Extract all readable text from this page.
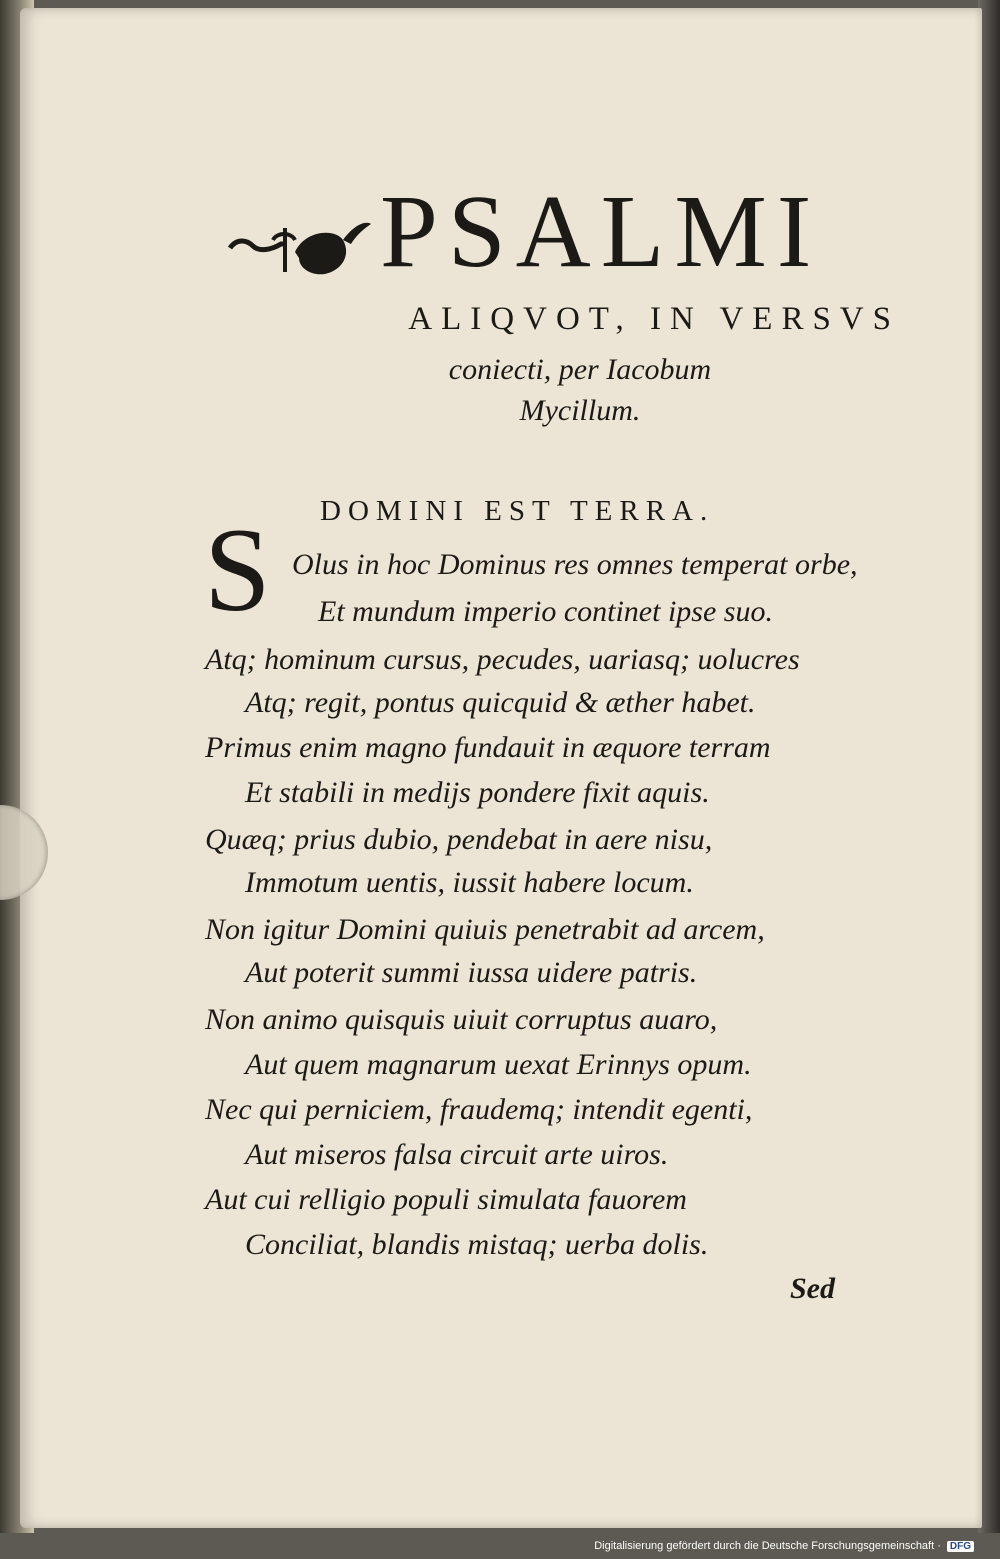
PSALMI
ALIQVOT, IN VERSVS
coniecti, per Iacobum
Mycillum.
DOMINI EST TERRA.
S Olus in hoc Dominus res omnes temperat orbe,
Et mundum imperio continet ipse suo.
Atq; hominum cursus, pecudes, uariasq; uolucres
Atq; regit, pontus quicquid & æther habet.
Primus enim magno fundauit in æquore terram
Et stabili in medijs pondere fixit aquis.
Quæq; prius dubio, pendebat in aere nisu,
Immotum uentis, iussit habere locum.
Non igitur Domini quiuis penetrabit ad arcem,
Aut poterit summi iussa uidere patris.
Non animo quisquis uiuit corruptus auaro,
Aut quem magnarum uexat Erinnys opum.
Nec qui perniciem, fraudemq; intendit egenti,
Aut miseros falsa circuit arte uiros.
Aut cui relligio populi simulata fauorem
Conciliat, blandis mistaq; uerba dolis.
Sed
Digitalisierung gefördert durch die Deutsche Forschungsgemeinschaft · DFG
